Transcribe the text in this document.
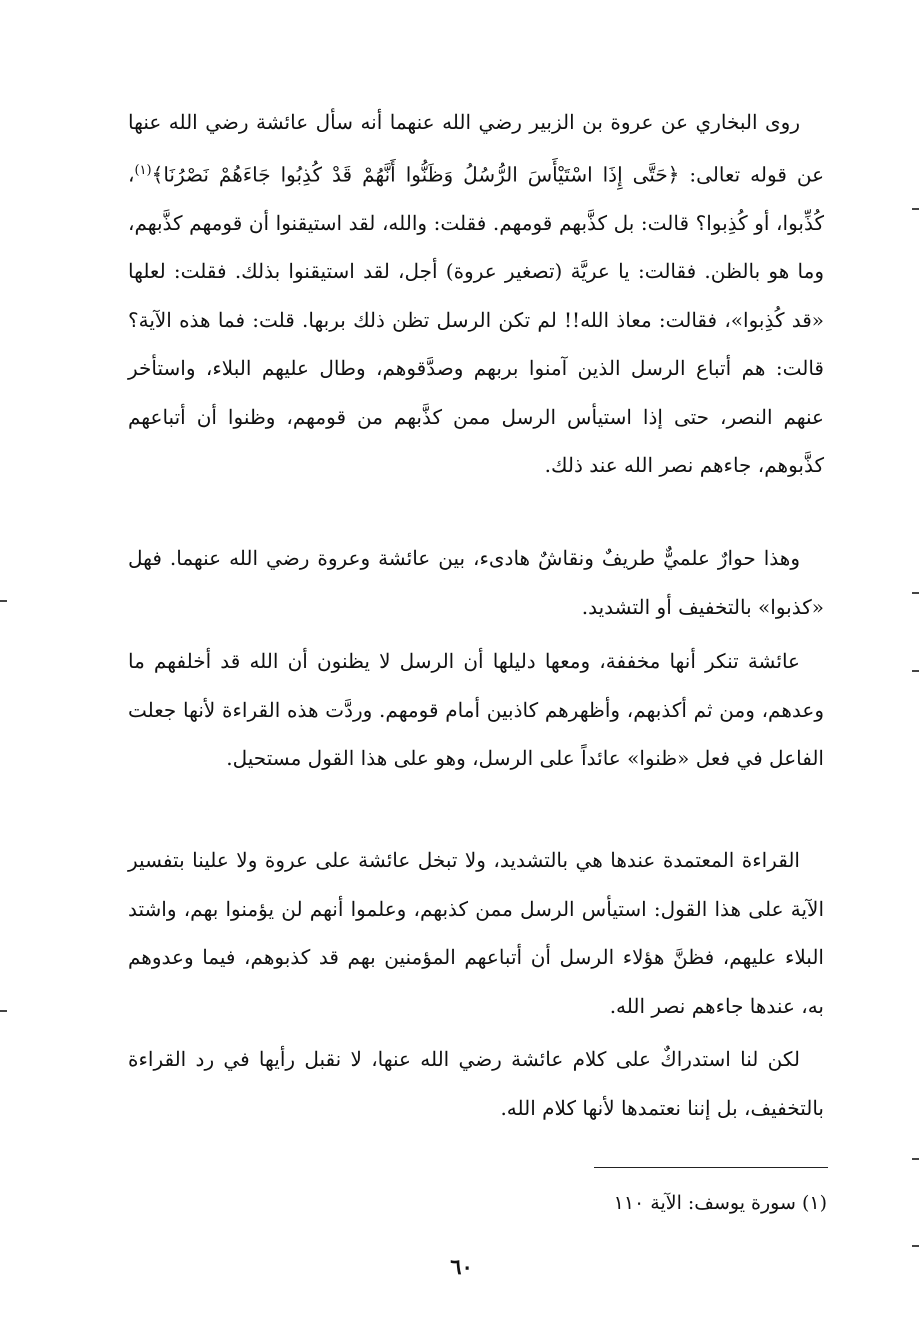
روى البخاري عن عروة بن الزبير رضي الله عنهما أنه سأل عائشة رضي الله عنها عن قوله تعالى: ﴿حَتَّى إِذَا اسْتَيْأَسَ الرُّسُلُ وَظَنُّوا أَنَّهُمْ قَدْ كُذِبُوا جَاءَهُمْ نَصْرُنَا﴾$^{(١)}$، كُذِّبوا، أو كُذِبوا؟ قالت: بل كذَّبهم قومهم. فقلت: والله، لقد استيقنوا أن قومهم كذَّبهم، وما هو بالظن. فقالت: يا عريَّة (تصغير عروة) أجل، لقد استيقنوا بذلك. فقلت: لعلها «قد كُذِبوا»، فقالت: معاذ الله!! لم تكن الرسل تظن ذلك بربها. قلت: فما هذه الآية؟ قالت: هم أتباع الرسل الذين آمنوا بربهم وصدَّقوهم، وطال عليهم البلاء، واستأخر عنهم النصر، حتى إذا استيأس الرسل ممن كذَّبهم من قومهم، وظنوا أن أتباعهم كذَّبوهم، جاءهم نصر الله عند ذلك.

وهذا حوارٌ علميٌّ طريفٌ ونقاشٌ هادىء، بين عائشة وعروة رضي الله عنهما. فهل «كذبوا» بالتخفيف أو التشديد.

عائشة تنكر أنها مخففة، ومعها دليلها أن الرسل لا يظنون أن الله قد أخلفهم ما وعدهم، ومن ثم أكذبهم، وأظهرهم كاذبين أمام قومهم. وردَّت هذه القراءة لأنها جعلت الفاعل في فعل «ظنوا» عائداً على الرسل، وهو على هذا القول مستحيل.

القراءة المعتمدة عندها هي بالتشديد، ولا تبخل عائشة على عروة ولا علينا بتفسير الآية على هذا القول: استيأس الرسل ممن كذبهم، وعلموا أنهم لن يؤمنوا بهم، واشتد البلاء عليهم، فظنَّ هؤلاء الرسل أن أتباعهم المؤمنين بهم قد كذبوهم، فيما وعدوهم به، عندها جاءهم نصر الله.

لكن لنا استدراكٌ على كلام عائشة رضي الله عنها، لا نقبل رأيها في رد القراءة بالتخفيف، بل إننا نعتمدها لأنها كلام الله.

(١) سورة يوسف: الآية ١١٠
٦٠
